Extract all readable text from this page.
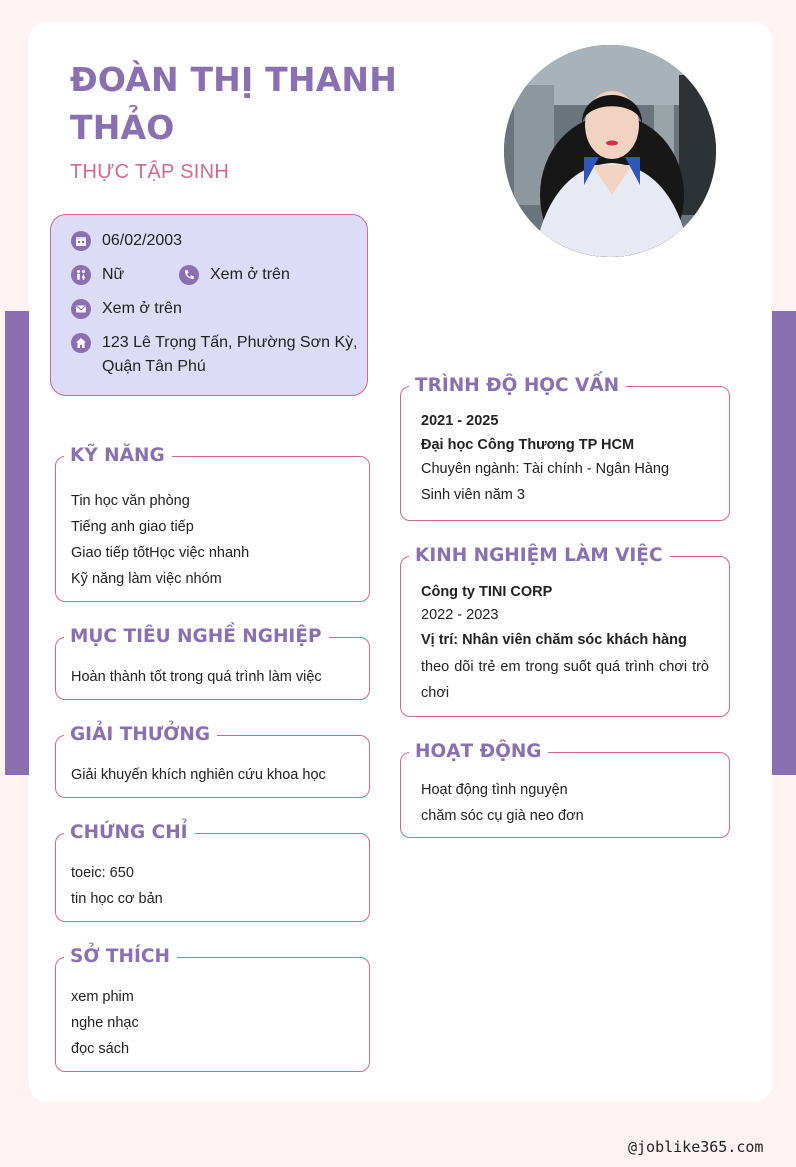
ĐOÀN THỊ THANH THẢO
THỰC TẬP SINH
06/02/2003
Nữ	Xem ở trên
Xem ở trên
123 Lê Trọng Tấn, Phường Sơn Kỳ, Quận Tân Phú
KỸ NĂNG
Tin học văn phòng
Tiếng anh giao tiếp
Giao tiếp tốtHọc việc nhanh
Kỹ năng làm việc nhóm
MỤC TIÊU NGHỀ NGHIỆP
Hoàn thành tốt trong quá trình làm việc
GIẢI THƯỞNG
Giải khuyến khích nghiên cứu khoa học
CHỨNG CHỈ
toeic: 650
tin học cơ bản
SỞ THÍCH
xem phim
nghe nhạc
đọc sách
TRÌNH ĐỘ HỌC VẤN
2021 - 2025
Đại học Công Thương TP HCM
Chuyên ngành: Tài chính - Ngân Hàng
Sinh viên năm 3
KINH NGHIỆM LÀM VIỆC
Công ty TINI CORP
2022 - 2023
Vị trí: Nhân viên chăm sóc khách hàng
theo dõi trẻ em trong suốt quá trình chơi trò chơi
HOẠT ĐỘNG
Hoạt động tình nguyện
chăm sóc cụ già neo đơn
@joblike365.com
